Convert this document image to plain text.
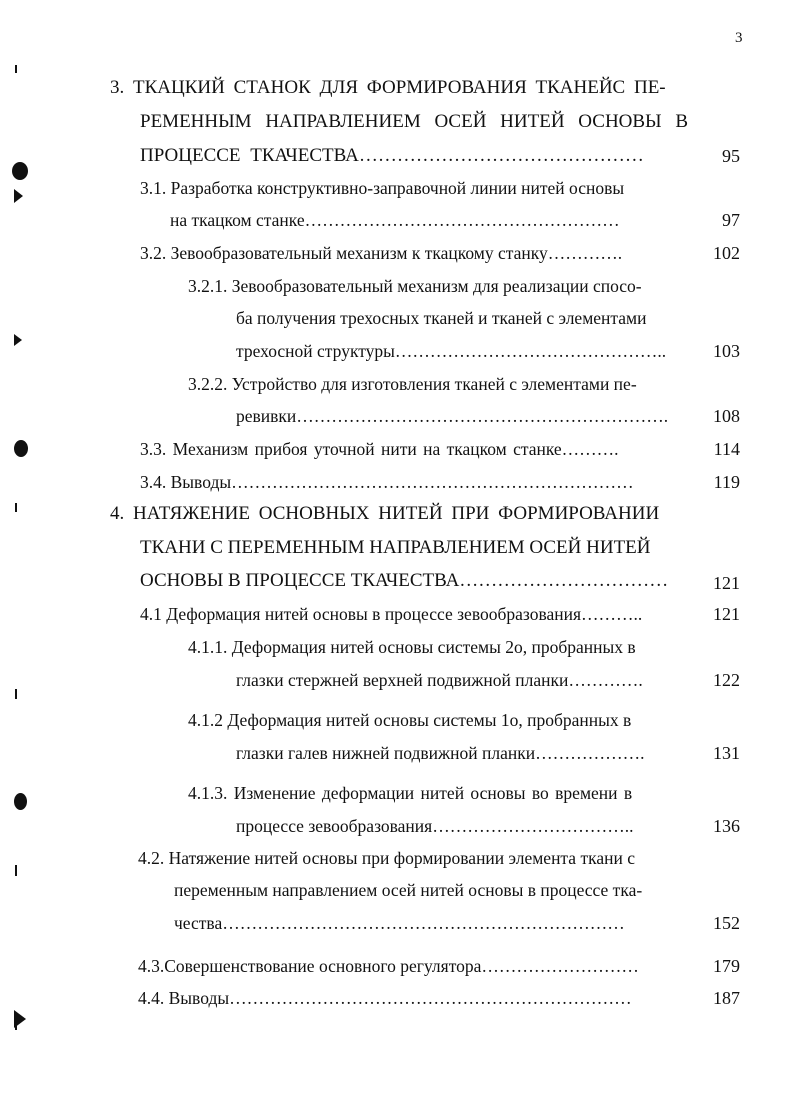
3
3. ТКАЦКИЙ СТАНОК ДЛЯ ФОРМИРОВАНИЯ ТКАНЕЙС ПЕ-
РЕМЕННЫМ НАПРАВЛЕНИЕМ ОСЕЙ НИТЕЙ ОСНОВЫ В
ПРОЦЕССЕ ТКАЧЕСТВА………………………………………	95
3.1. Разработка конструктивно-заправочной линии нитей основы
на ткацком станке………………………………………………	97
3.2. Зевообразовательный механизм к ткацкому станку………….	102
3.2.1. Зевообразовательный механизм для реализации спосо-
ба получения трехосных тканей и тканей с элементами
трехосной структуры………………………………………..	103
3.2.2. Устройство для изготовления тканей с элементами пе-
ревивки……………………………………………………….	108
3.3. Механизм прибоя уточной нити на ткацком станке……….	114
3.4. Выводы……………………………………………………………	119
4. НАТЯЖЕНИЕ ОСНОВНЫХ НИТЕЙ ПРИ ФОРМИРОВАНИИ
ТКАНИ С ПЕРЕМЕННЫМ НАПРАВЛЕНИЕМ ОСЕЙ НИТЕЙ
ОСНОВЫ В ПРОЦЕССЕ ТКАЧЕСТВА……………………………	121
4.1 Деформация нитей основы в процессе зевообразования………..	121
4.1.1. Деформация нитей основы системы 2о, пробранных в
глазки стержней верхней подвижной планки………….	122
4.1.2 Деформация нитей основы системы 1о, пробранных в
глазки галев нижней подвижной планки……………….	131
4.1.3. Изменение деформации нитей основы во времени в
процессе зевообразования……………………………..	136
4.2. Натяжение нитей основы при формировании элемента ткани с
переменным направлением осей нитей основы в процессе тка-
чества……………………………………………………………	152
4.3.Совершенствование основного регулятора………………………	179
4.4. Выводы……………………………………………………………	187
